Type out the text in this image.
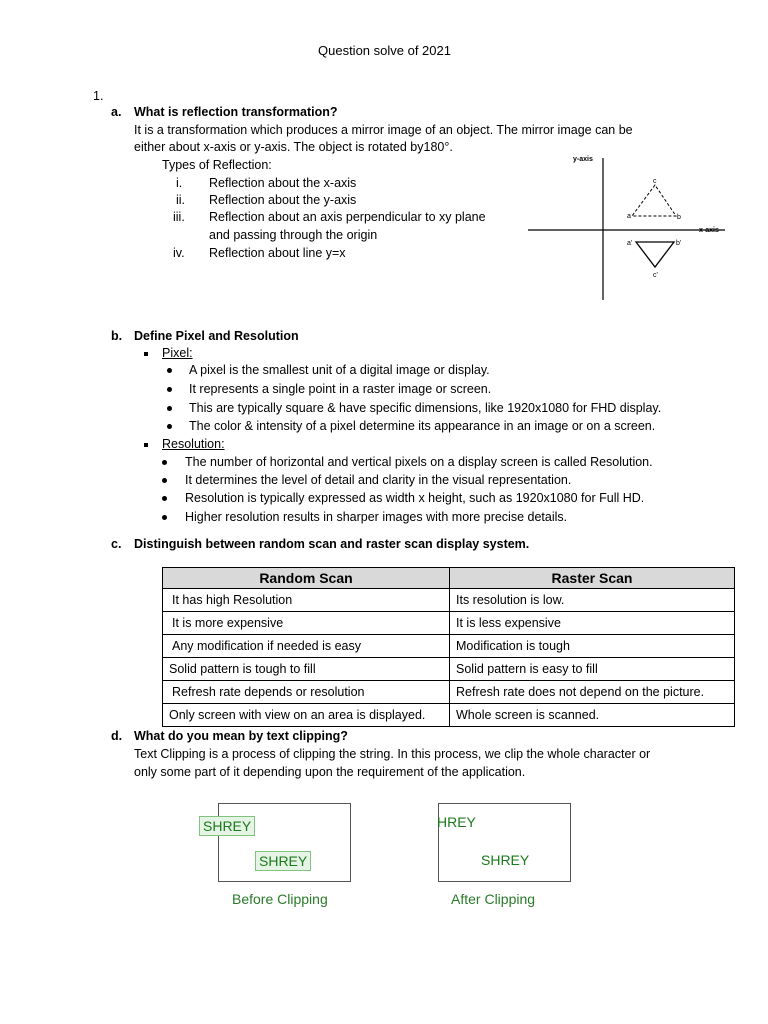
Question solve of 2021
1.
a. What is reflection transformation?
It is a transformation which produces a mirror image of an object. The mirror image can be
either about x-axis or y-axis. The object is rotated by180°.
Types of Reflection:
i. Reflection about the x-axis
ii. Reflection about the y-axis
iii. Reflection about an axis perpendicular to xy plane
and passing through the origin
iv. Reflection about line y=x
y-axis
x-axis
c
a	b
a'	b'
c'
b. Define Pixel and Resolution
Pixel:
A pixel is the smallest unit of a digital image or display.
It represents a single point in a raster image or screen.
This are typically square & have specific dimensions, like 1920x1080 for FHD display.
The color & intensity of a pixel determine its appearance in an image or on a screen.
Resolution:
The number of horizontal and vertical pixels on a display screen is called Resolution.
It determines the level of detail and clarity in the visual representation.
Resolution is typically expressed as width x height, such as 1920x1080 for Full HD.
Higher resolution results in sharper images with more precise details.
c. Distinguish between random scan and raster scan display system.
Random Scan	Raster Scan
It has high Resolution	Its resolution is low.
It is more expensive	It is less expensive
Any modification if needed is easy	Modification is tough
Solid pattern is tough to fill	Solid pattern is easy to fill
Refresh rate depends or resolution	Refresh rate does not depend on the picture.
Only screen with view on an area is displayed.	Whole screen is scanned.
d. What do you mean by text clipping?
Text Clipping is a process of clipping the string. In this process, we clip the whole character or
only some part of it depending upon the requirement of the application.
SHREY
SHREY
Before Clipping
HREY
SHREY
After Clipping
